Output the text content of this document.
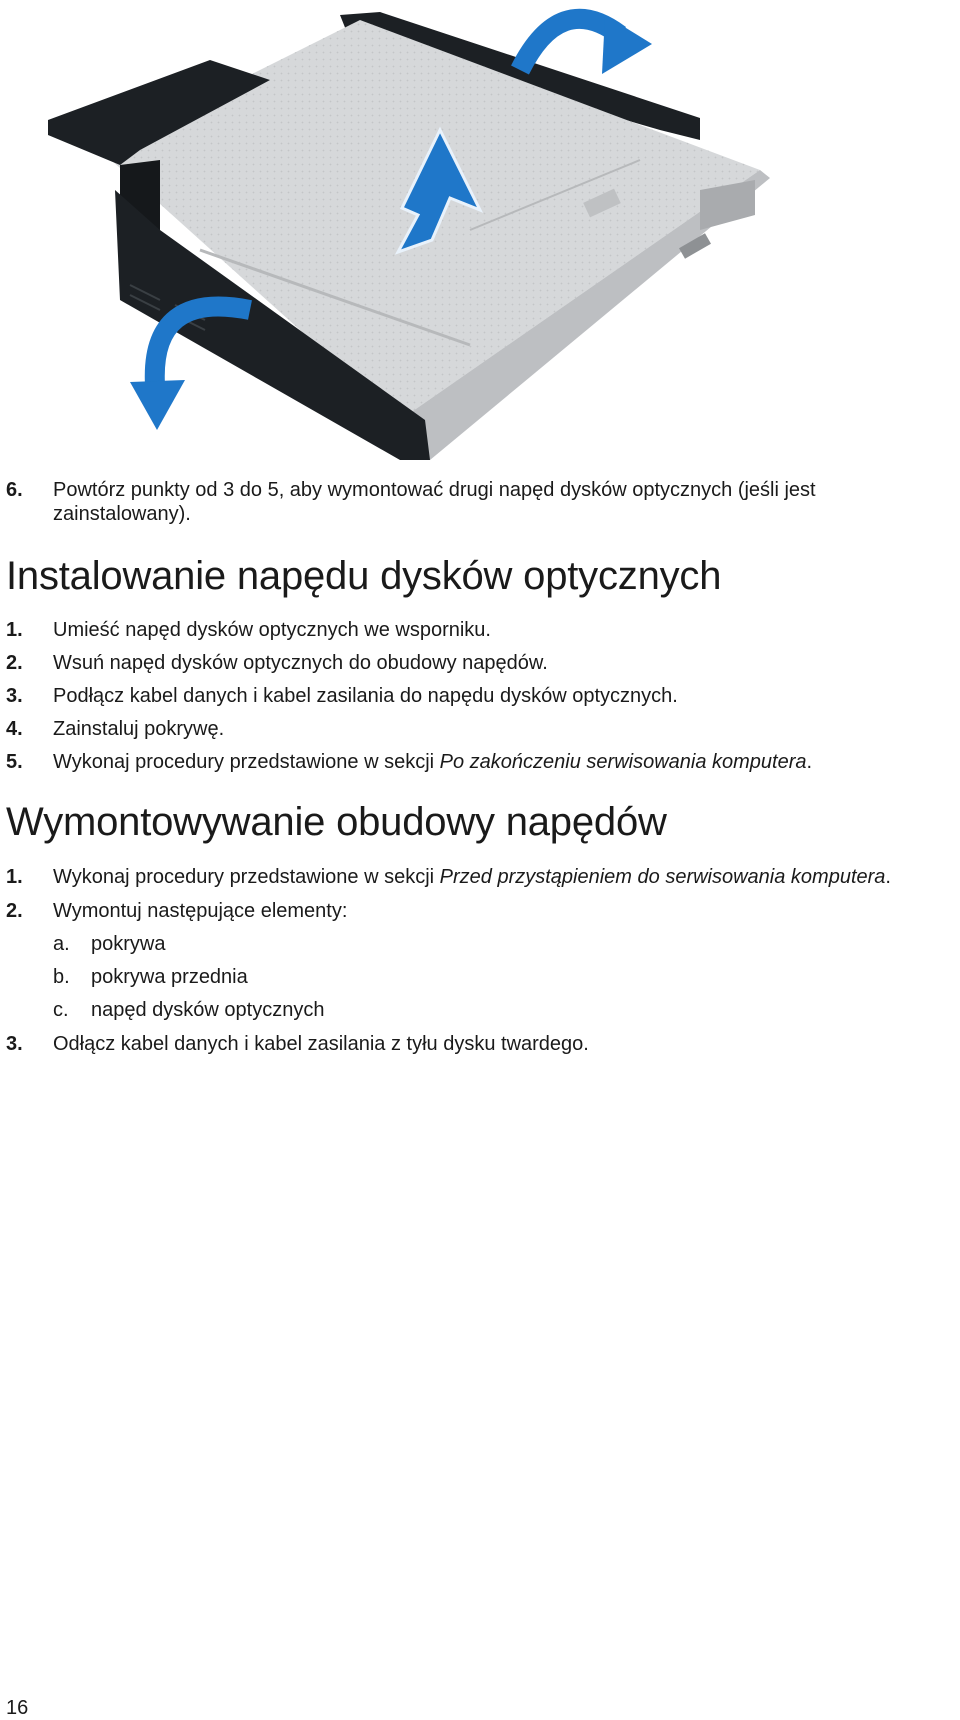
6.	Powtórz punkty od 3 do 5, aby wymontować drugi napęd dysków optycznych (jeśli jest zainstalowany).
Instalowanie napędu dysków optycznych
1.	Umieść napęd dysków optycznych we wsporniku.
2.	Wsuń napęd dysków optycznych do obudowy napędów.
3.	Podłącz kabel danych i kabel zasilania do napędu dysków optycznych.
4.	Zainstaluj pokrywę.
5.	Wykonaj procedury przedstawione w sekcji Po zakończeniu serwisowania komputera.
Wymontowywanie obudowy napędów
1.	Wykonaj procedury przedstawione w sekcji Przed przystąpieniem do serwisowania komputera.
2.	Wymontuj następujące elementy:
a.	pokrywa
b.	pokrywa przednia
c.	napęd dysków optycznych
3.	Odłącz kabel danych i kabel zasilania z tyłu dysku twardego.
16
